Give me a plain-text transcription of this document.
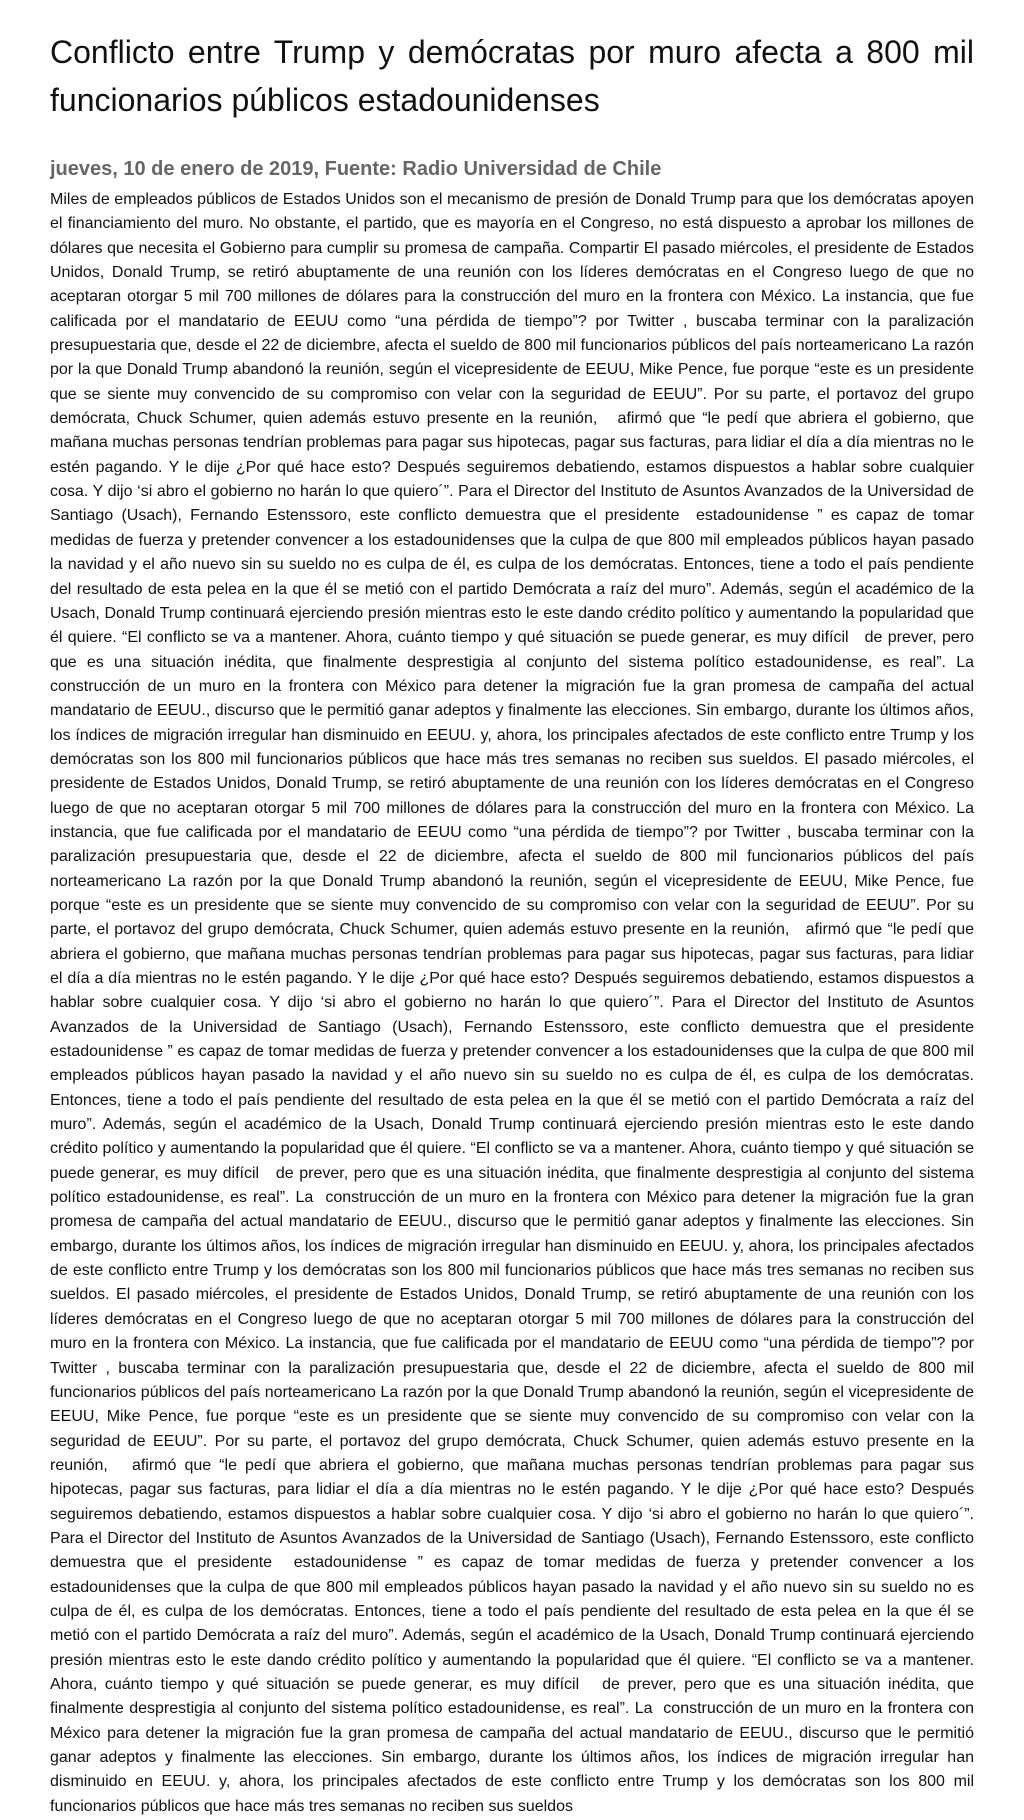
Conflicto entre Trump y demócratas por muro afecta a 800 mil funcionarios públicos estadounidenses
jueves, 10 de enero de 2019, Fuente: Radio Universidad de Chile

Miles de empleados públicos de Estados Unidos son el mecanismo de presión de Donald Trump para que los demócratas apoyen el financiamiento del muro. No obstante, el partido, que es mayoría en el Congreso, no está dispuesto a aprobar los millones de dólares que necesita el Gobierno para cumplir su promesa de campaña. Compartir El pasado miércoles, el presidente de Estados Unidos, Donald Trump, se retiró abuptamente de una reunión con los líderes demócratas en el Congreso luego de que no aceptaran otorgar 5 mil 700 millones de dólares para la construcción del muro en la frontera con México. La instancia, que fue calificada por el mandatario de EEUU como “una pérdida de tiempo”? por Twitter , buscaba terminar con la paralización presupuestaria que, desde el 22 de diciembre, afecta el sueldo de 800 mil funcionarios públicos del país norteamericano La razón por la que Donald Trump abandonó la reunión, según el vicepresidente de EEUU, Mike Pence, fue porque “este es un presidente que se siente muy convencido de su compromiso con velar con la seguridad de EEUU”. Por su parte, el portavoz del grupo demócrata, Chuck Schumer, quien además estuvo presente en la reunión,   afirmó que “le pedí que abriera el gobierno, que mañana muchas personas tendrían problemas para pagar sus hipotecas, pagar sus facturas, para lidiar el día a día mientras no le estén pagando. Y le dije ¿Por qué hace esto? Después seguiremos debatiendo, estamos dispuestos a hablar sobre cualquier cosa. Y dijo ‘si abro el gobierno no harán lo que quiero´”. Para el Director del Instituto de Asuntos Avanzados de la Universidad de Santiago (Usach), Fernando Estenssoro, este conflicto demuestra que el presidente  estadounidense ” es capaz de tomar medidas de fuerza y pretender convencer a los estadounidenses que la culpa de que 800 mil empleados públicos hayan pasado la navidad y el año nuevo sin su sueldo no es culpa de él, es culpa de los demócratas. Entonces, tiene a todo el país pendiente del resultado de esta pelea en la que él se metió con el partido Demócrata a raíz del muro”. Además, según el académico de la Usach, Donald Trump continuará ejerciendo presión mientras esto le este dando crédito político y aumentando la popularidad que él quiere. “El conflicto se va a mantener. Ahora, cuánto tiempo y qué situación se puede generar, es muy difícil   de prever, pero que es una situación inédita, que finalmente desprestigia al conjunto del sistema político estadounidense, es real”. La  construcción de un muro en la frontera con México para detener la migración fue la gran promesa de campaña del actual mandatario de EEUU., discurso que le permitió ganar adeptos y finalmente las elecciones. Sin embargo, durante los últimos años, los índices de migración irregular han disminuido en EEUU. y, ahora, los principales afectados de este conflicto entre Trump y los demócratas son los 800 mil funcionarios públicos que hace más tres semanas no reciben sus sueldos. El pasado miércoles, el presidente de Estados Unidos, Donald Trump, se retiró abuptamente de una reunión con los líderes demócratas en el Congreso luego de que no aceptaran otorgar 5 mil 700 millones de dólares para la construcción del muro en la frontera con México. La instancia, que fue calificada por el mandatario de EEUU como “una pérdida de tiempo”? por Twitter , buscaba terminar con la paralización presupuestaria que, desde el 22 de diciembre, afecta el sueldo de 800 mil funcionarios públicos del país norteamericano La razón por la que Donald Trump abandonó la reunión, según el vicepresidente de EEUU, Mike Pence, fue porque “este es un presidente que se siente muy convencido de su compromiso con velar con la seguridad de EEUU”. Por su parte, el portavoz del grupo demócrata, Chuck Schumer, quien además estuvo presente en la reunión,   afirmó que “le pedí que abriera el gobierno, que mañana muchas personas tendrían problemas para pagar sus hipotecas, pagar sus facturas, para lidiar el día a día mientras no le estén pagando. Y le dije ¿Por qué hace esto? Después seguiremos debatiendo, estamos dispuestos a hablar sobre cualquier cosa. Y dijo ‘si abro el gobierno no harán lo que quiero´”. Para el Director del Instituto de Asuntos Avanzados de la Universidad de Santiago (Usach), Fernando Estenssoro, este conflicto demuestra que el presidente  estadounidense ” es capaz de tomar medidas de fuerza y pretender convencer a los estadounidenses que la culpa de que 800 mil empleados públicos hayan pasado la navidad y el año nuevo sin su sueldo no es culpa de él, es culpa de los demócratas. Entonces, tiene a todo el país pendiente del resultado de esta pelea en la que él se metió con el partido Demócrata a raíz del muro”. Además, según el académico de la Usach, Donald Trump continuará ejerciendo presión mientras esto le este dando crédito político y aumentando la popularidad que él quiere. “El conflicto se va a mantener. Ahora, cuánto tiempo y qué situación se puede generar, es muy difícil   de prever, pero que es una situación inédita, que finalmente desprestigia al conjunto del sistema político estadounidense, es real”. La  construcción de un muro en la frontera con México para detener la migración fue la gran promesa de campaña del actual mandatario de EEUU., discurso que le permitió ganar adeptos y finalmente las elecciones. Sin embargo, durante los últimos años, los índices de migración irregular han disminuido en EEUU. y, ahora, los principales afectados de este conflicto entre Trump y los demócratas son los 800 mil funcionarios públicos que hace más tres semanas no reciben sus sueldos. El pasado miércoles, el presidente de Estados Unidos, Donald Trump, se retiró abuptamente de una reunión con los líderes demócratas en el Congreso luego de que no aceptaran otorgar 5 mil 700 millones de dólares para la construcción del muro en la frontera con México. La instancia, que fue calificada por el mandatario de EEUU como “una pérdida de tiempo”? por Twitter , buscaba terminar con la paralización presupuestaria que, desde el 22 de diciembre, afecta el sueldo de 800 mil funcionarios públicos del país norteamericano La razón por la que Donald Trump abandonó la reunión, según el vicepresidente de EEUU, Mike Pence, fue porque “este es un presidente que se siente muy convencido de su compromiso con velar con la seguridad de EEUU”. Por su parte, el portavoz del grupo demócrata, Chuck Schumer, quien además estuvo presente en la reunión,   afirmó que “le pedí que abriera el gobierno, que mañana muchas personas tendrían problemas para pagar sus hipotecas, pagar sus facturas, para lidiar el día a día mientras no le estén pagando. Y le dije ¿Por qué hace esto? Después seguiremos debatiendo, estamos dispuestos a hablar sobre cualquier cosa. Y dijo ‘si abro el gobierno no harán lo que quiero´”. Para el Director del Instituto de Asuntos Avanzados de la Universidad de Santiago (Usach), Fernando Estenssoro, este conflicto demuestra que el presidente  estadounidense ” es capaz de tomar medidas de fuerza y pretender convencer a los estadounidenses que la culpa de que 800 mil empleados públicos hayan pasado la navidad y el año nuevo sin su sueldo no es culpa de él, es culpa de los demócratas. Entonces, tiene a todo el país pendiente del resultado de esta pelea en la que él se metió con el partido Demócrata a raíz del muro”. Además, según el académico de la Usach, Donald Trump continuará ejerciendo presión mientras esto le este dando crédito político y aumentando la popularidad que él quiere. “El conflicto se va a mantener. Ahora, cuánto tiempo y qué situación se puede generar, es muy difícil   de prever, pero que es una situación inédita, que finalmente desprestigia al conjunto del sistema político estadounidense, es real”. La  construcción de un muro en la frontera con México para detener la migración fue la gran promesa de campaña del actual mandatario de EEUU., discurso que le permitió ganar adeptos y finalmente las elecciones. Sin embargo, durante los últimos años, los índices de migración irregular han disminuido en EEUU. y, ahora, los principales afectados de este conflicto entre Trump y los demócratas son los 800 mil funcionarios públicos que hace más tres semanas no reciben sus sueldos
